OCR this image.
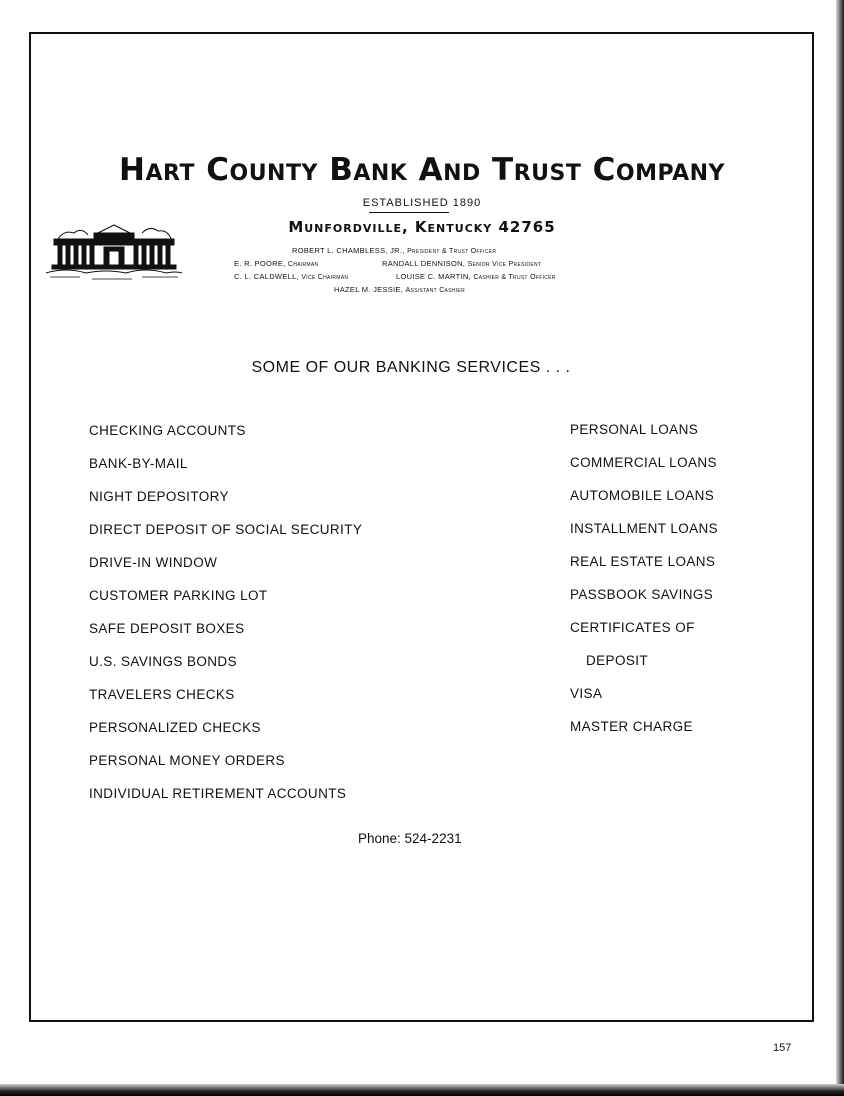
Hart County Bank And Trust Company
ESTABLISHED 1890
Munfordville, Kentucky 42765
ROBERT L. CHAMBLESS, JR., President & Trust Officer
E. R. POORE, Chairman	RANDALL DENNISON, Senior Vice President
C. L. CALDWELL, Vice Chairman	LOUISE C. MARTIN, Cashier & Trust Officer
HAZEL M. JESSIE, Assistant Cashier
SOME OF OUR BANKING SERVICES . . .
CHECKING ACCOUNTS
BANK-BY-MAIL
NIGHT DEPOSITORY
DIRECT DEPOSIT OF SOCIAL SECURITY
DRIVE-IN WINDOW
CUSTOMER PARKING LOT
SAFE DEPOSIT BOXES
U.S. SAVINGS BONDS
TRAVELERS CHECKS
PERSONALIZED CHECKS
PERSONAL MONEY ORDERS
INDIVIDUAL RETIREMENT ACCOUNTS
PERSONAL LOANS
COMMERCIAL LOANS
AUTOMOBILE LOANS
INSTALLMENT LOANS
REAL ESTATE LOANS
PASSBOOK SAVINGS
CERTIFICATES OF
DEPOSIT
VISA
MASTER CHARGE
Phone: 524-2231
157
